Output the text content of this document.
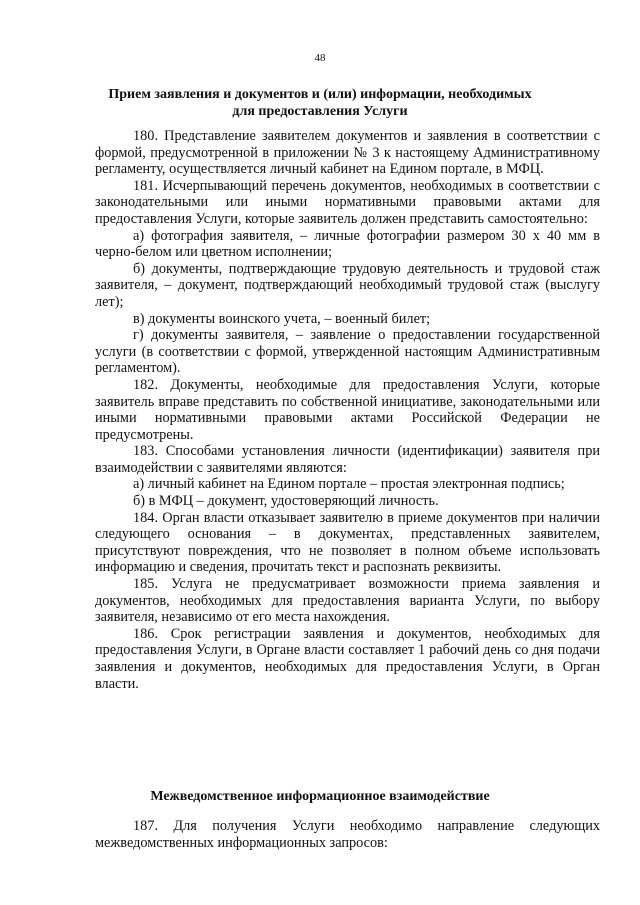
48
Прием заявления и документов и (или) информации, необходимых
для предоставления Услуги

180. Представление заявителем документов и заявления в соответствии с формой, предусмотренной в приложении № 3 к настоящему Административному регламенту, осуществляется личный кабинет на Едином портале, в МФЦ.

181. Исчерпывающий перечень документов, необходимых в соответствии с законодательными или иными нормативными правовыми актами для предоставления Услуги, которые заявитель должен представить самостоятельно:

а) фотография заявителя, – личные фотографии размером 30 х 40 мм в черно-белом или цветном исполнении;

б) документы, подтверждающие трудовую деятельность и трудовой стаж заявителя, – документ, подтверждающий необходимый трудовой стаж (выслугу лет);

в) документы воинского учета, – военный билет;

г) документы заявителя, – заявление о предоставлении государственной услуги (в соответствии с формой, утвержденной настоящим Административным регламентом).

182. Документы, необходимые для предоставления Услуги, которые заявитель вправе представить по собственной инициативе, законодательными или иными нормативными правовыми актами Российской Федерации не предусмотрены.

183. Способами установления личности (идентификации) заявителя при взаимодействии с заявителями являются:

а) личный кабинет на Едином портале – простая электронная подпись;

б) в МФЦ – документ, удостоверяющий личность.

184. Орган власти отказывает заявителю в приеме документов при наличии следующего основания – в документах, представленных заявителем, присутствуют повреждения, что не позволяет в полном объеме использовать информацию и сведения, прочитать текст и распознать реквизиты.

185. Услуга не предусматривает возможности приема заявления и документов, необходимых для предоставления варианта Услуги, по выбору заявителя, независимо от его места нахождения.

186. Срок регистрации заявления и документов, необходимых для предоставления Услуги, в Органе власти составляет 1 рабочий день со дня подачи заявления и документов, необходимых для предоставления Услуги, в Орган власти.

Межведомственное информационное взаимодействие

187. Для получения Услуги необходимо направление следующих межведомственных информационных запросов:
